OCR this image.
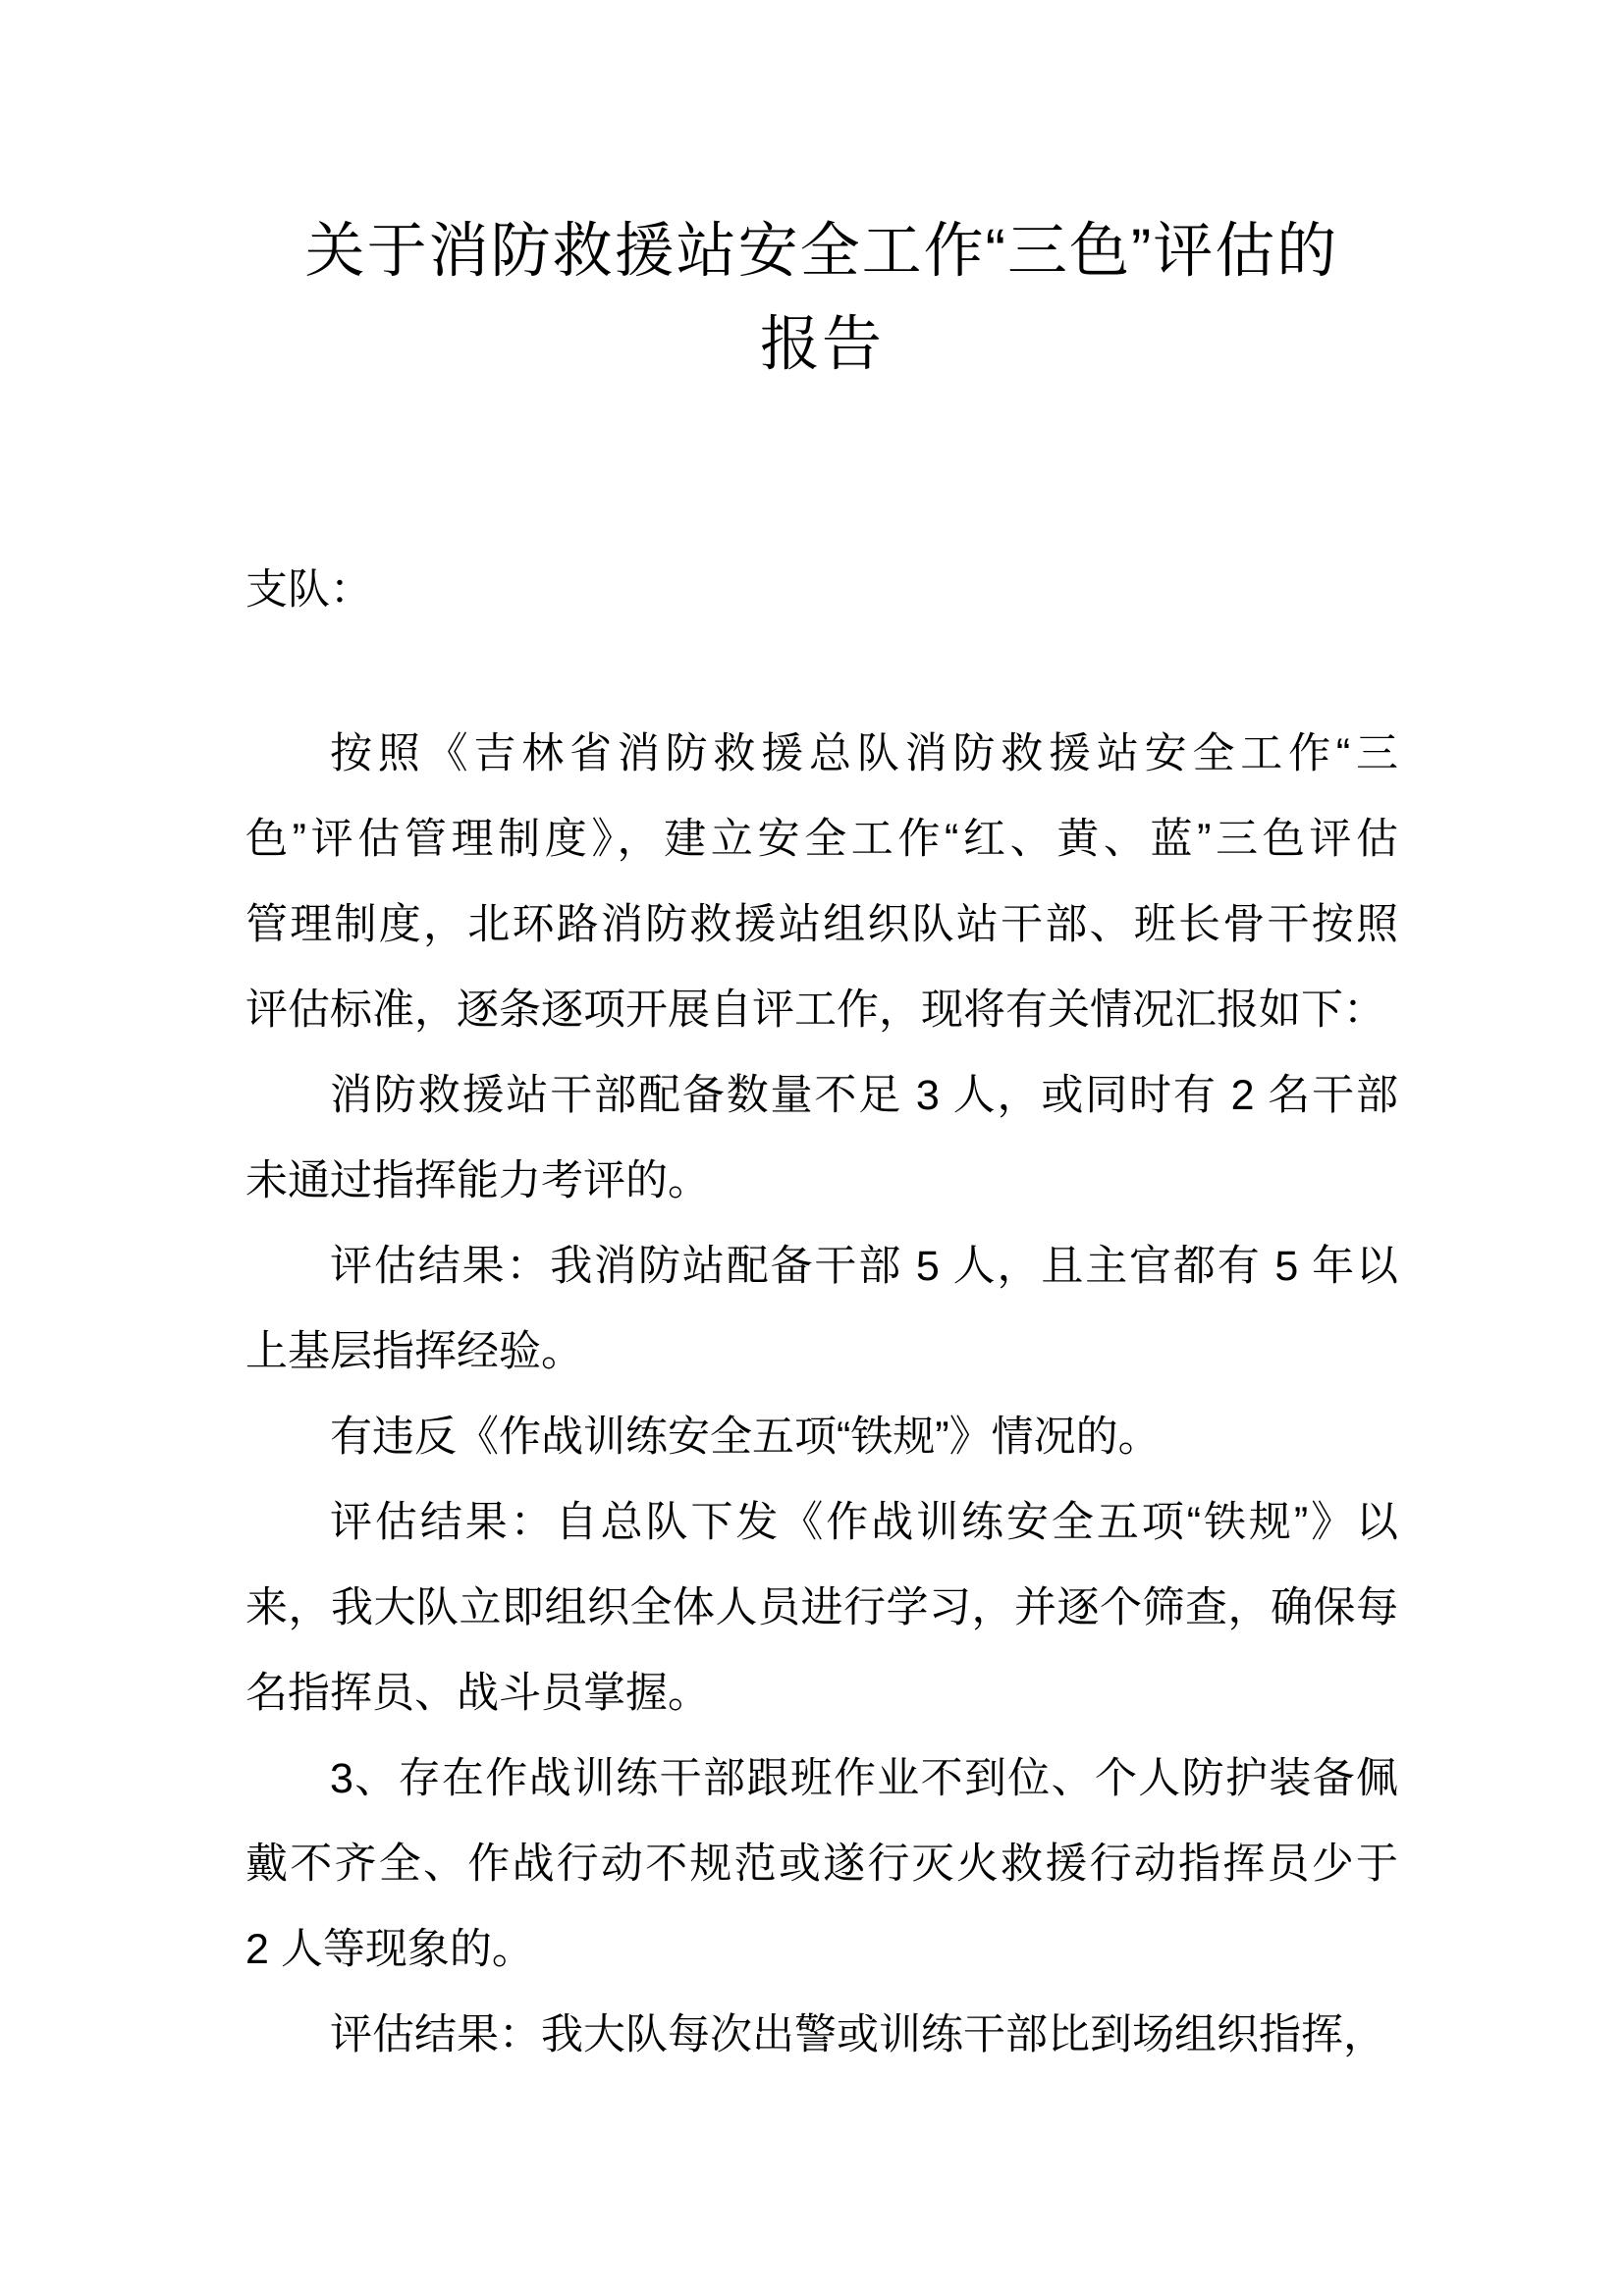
关于消防救援站安全工作“三色”评估的
报告
支队：
按照《吉林省消防救援总队消防救援站安全工作“三
色”评估管理制度》，建立安全工作“红、黄、蓝”三色评估
管理制度，北环路消防救援站组织队站干部、班长骨干按照
评估标准，逐条逐项开展自评工作，现将有关情况汇报如下：
消防救援站干部配备数量不足 3 人，或同时有 2 名干部
未通过指挥能力考评的。
评估结果：我消防站配备干部 5 人，且主官都有 5 年以
上基层指挥经验。
有违反《作战训练安全五项“铁规”》情况的。
评估结果：自总队下发《作战训练安全五项“铁规”》以
来，我大队立即组织全体人员进行学习，并逐个筛查，确保每
名指挥员、战斗员掌握。
3、存在作战训练干部跟班作业不到位、个人防护装备佩
戴不齐全、作战行动不规范或遂行灭火救援行动指挥员少于
2 人等现象的。
评估结果：我大队每次出警或训练干部比到场组织指挥，
